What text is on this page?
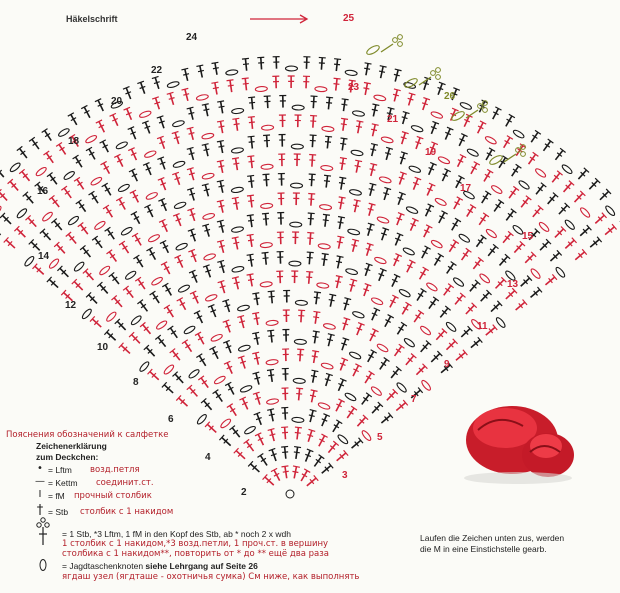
Häkelschrift
2
3
4
5
6
7
8
9
10
11
12
13
14
15
16	17
18
19
20
21
22
23
24
25
26
Пояснения обозначений к салфетке
Zeichenerklärung
zum Deckchen:
• = Lftm возд.петля
— = Kettm соединит.ст.
I = fM прочный столбик
† = Stb столбик с 1 накидом
= 1 Stb, *3 Lftm, 1 fM in den Kopf des Stb, ab * noch 2 x wdh
1 столбик с 1 накидом,*3 возд.петли, 1 проч.ст. в вершину
столбика с 1 накидом**, повторить от * до ** ещё два раза
= Jagdtaschenknoten siehe Lehrgang auf Seite 26
ягдаш узел (ягдташе - охотничья сумка) См ниже, как выполнять
Laufen die Zeichen unten zus, werden
die M in eine Einstichstelle gearb.
